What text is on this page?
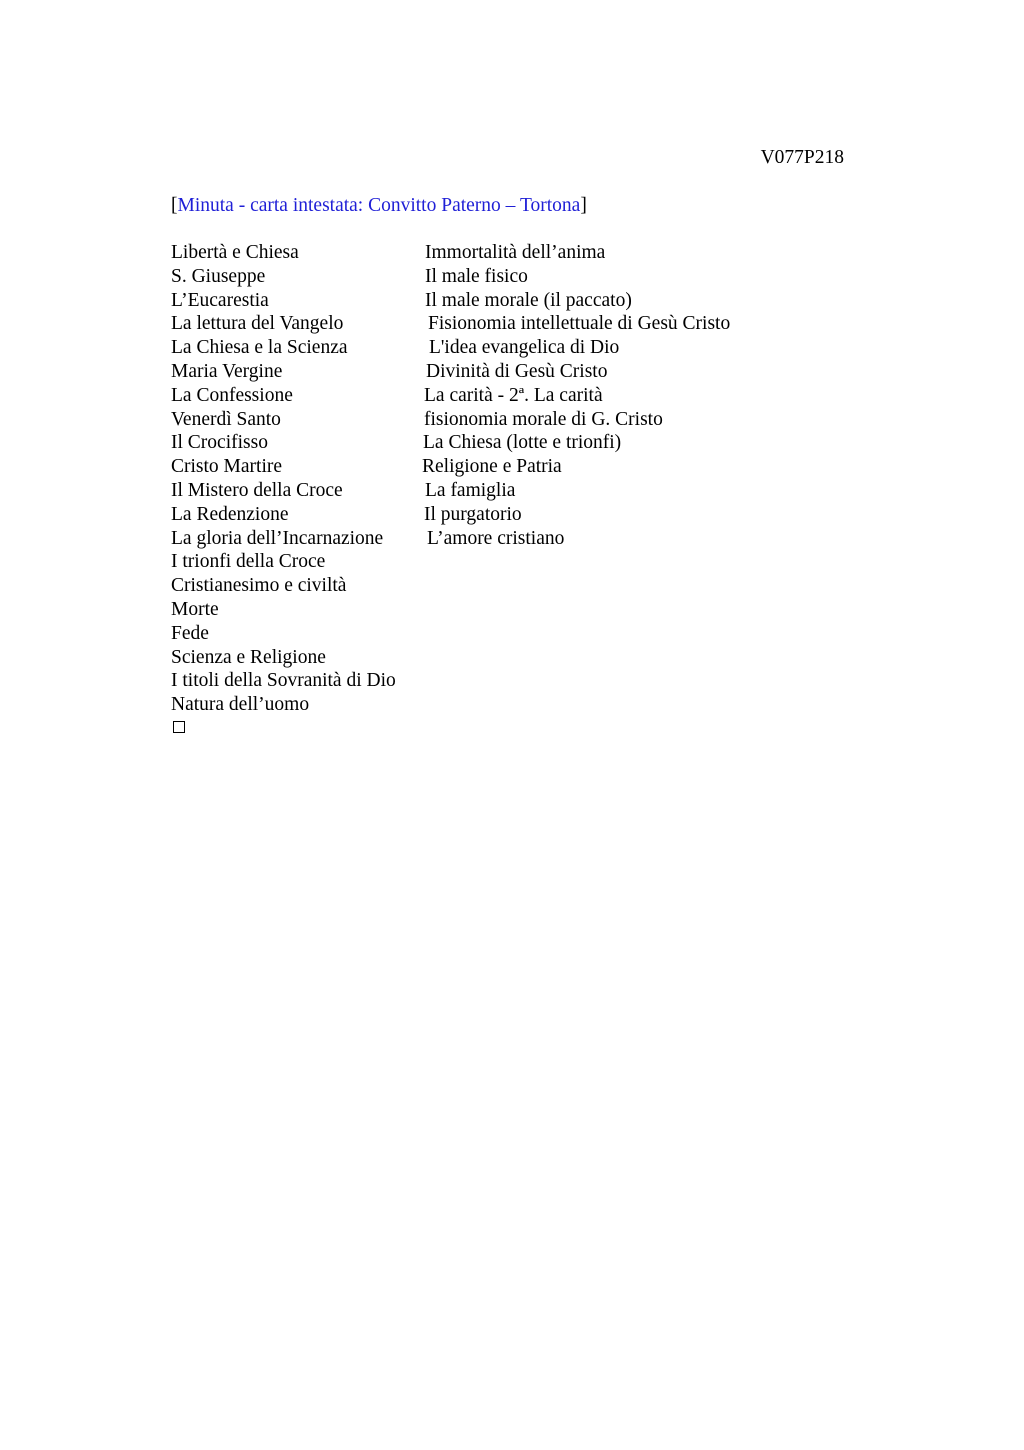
V077P218
[Minuta - carta intestata: Convitto Paterno – Tortona]
Libertà e Chiesa
S. Giuseppe
L’Eucarestia
La lettura del Vangelo
La Chiesa e la Scienza
Maria Vergine
La Confessione
Venerdì Santo
Il Crocifisso
Cristo Martire
Il Mistero della Croce
La Redenzione
La gloria dell’Incarnazione
I trionfi della Croce
Cristianesimo e civiltà
Morte
Fede
Scienza e Religione
I titoli della Sovranità di Dio
Natura dell’uomo
Immortalità dell’anima
Il male fisico
Il male morale (il paccato)
Fisionomia intellettuale di Gesù Cristo
L'idea evangelica di Dio
Divinità di Gesù Cristo
La carità - 2ª. La carità
fisionomia morale di G. Cristo
La Chiesa (lotte e trionfi)
Religione e Patria
La famiglia
Il purgatorio
L’amore cristiano
